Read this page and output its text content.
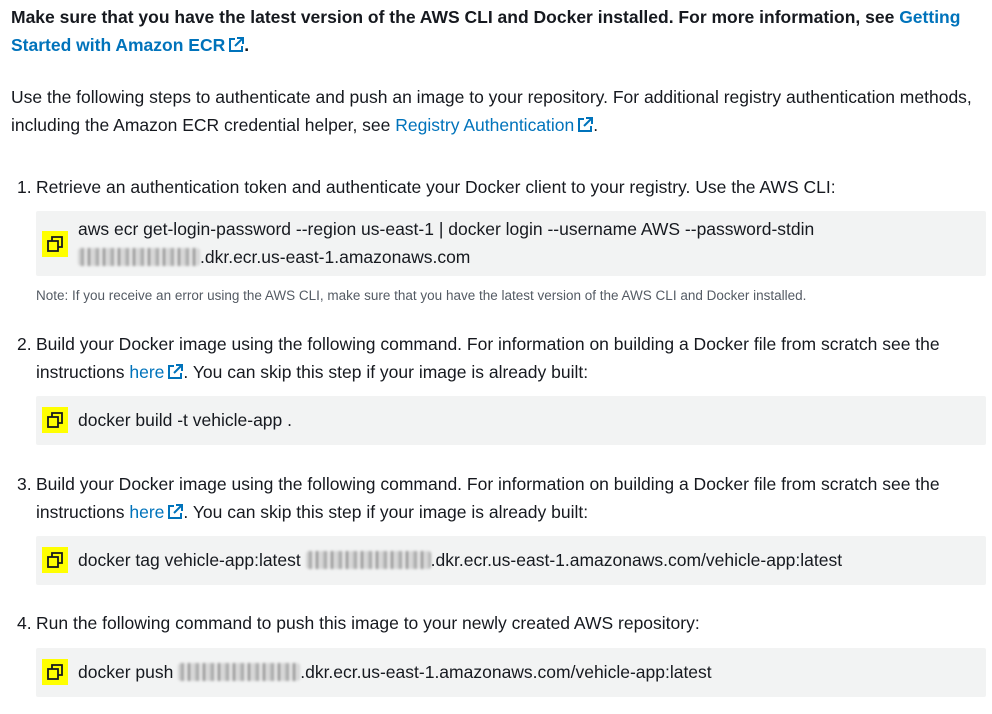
Make sure that you have the latest version of the AWS CLI and Docker installed. For more information, see Getting Started with Amazon ECR .

Use the following steps to authenticate and push an image to your repository. For additional registry authentication methods, including the Amazon ECR credential helper, see Registry Authentication .

1. Retrieve an authentication token and authenticate your Docker client to your registry. Use the AWS CLI:
aws ecr get-login-password --region us-east-1 | docker login --username AWS --password-stdin
.dkr.ecr.us-east-1.amazonaws.com
Note: If you receive an error using the AWS CLI, make sure that you have the latest version of the AWS CLI and Docker installed.
2. Build your Docker image using the following command. For information on building a Docker file from scratch see the instructions here . You can skip this step if your image is already built:
docker build -t vehicle-app .
3. Build your Docker image using the following command. For information on building a Docker file from scratch see the instructions here . You can skip this step if your image is already built:
docker tag vehicle-app:latest	.dkr.ecr.us-east-1.amazonaws.com/vehicle-app:latest
4. Run the following command to push this image to your newly created AWS repository:
docker push	.dkr.ecr.us-east-1.amazonaws.com/vehicle-app:latest
